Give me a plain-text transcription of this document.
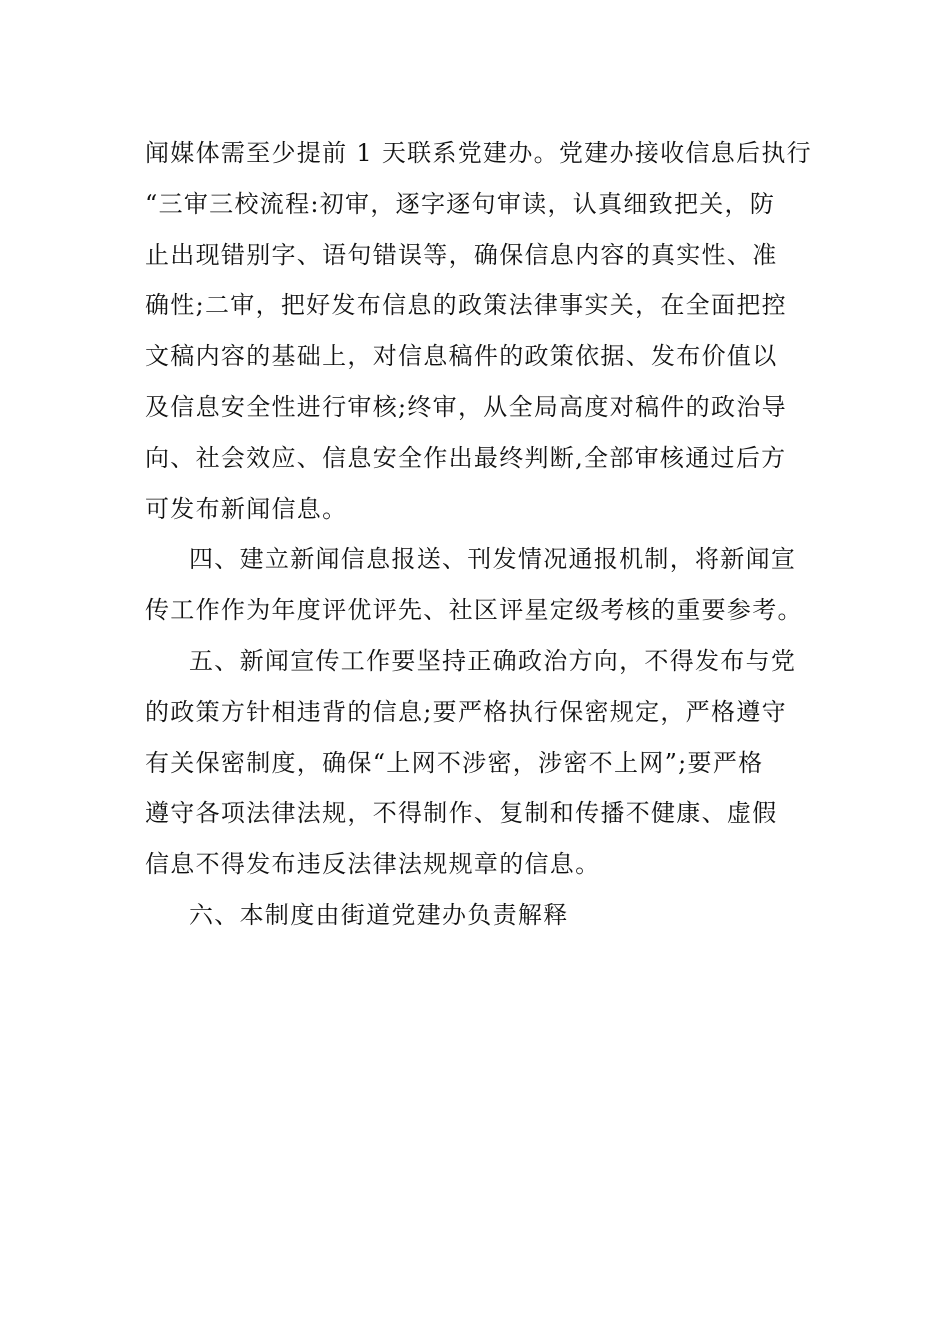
闻媒体需至少提前 1 天联系党建办。党建办接收信息后执行
“三审三校流程:初审，逐字逐句审读，认真细致把关，防
止出现错别字、语句错误等，确保信息内容的真实性、准
确性;二审，把好发布信息的政策法律事实关，在全面把控
文稿内容的基础上，对信息稿件的政策依据、发布价值以
及信息安全性进行审核;终审，从全局高度对稿件的政治导
向、社会效应、信息安全作出最终判断,全部审核通过后方
可发布新闻信息。
四、建立新闻信息报送、刊发情况通报机制，将新闻宣
传工作作为年度评优评先、社区评星定级考核的重要参考。
五、新闻宣传工作要坚持正确政治方向，不得发布与党
的政策方针相违背的信息;要严格执行保密规定，严格遵守
有关保密制度，确保“上网不涉密，涉密不上网”;要严格
遵守各项法律法规，不得制作、复制和传播不健康、虚假
信息不得发布违反法律法规规章的信息。
六、本制度由街道党建办负责解释
